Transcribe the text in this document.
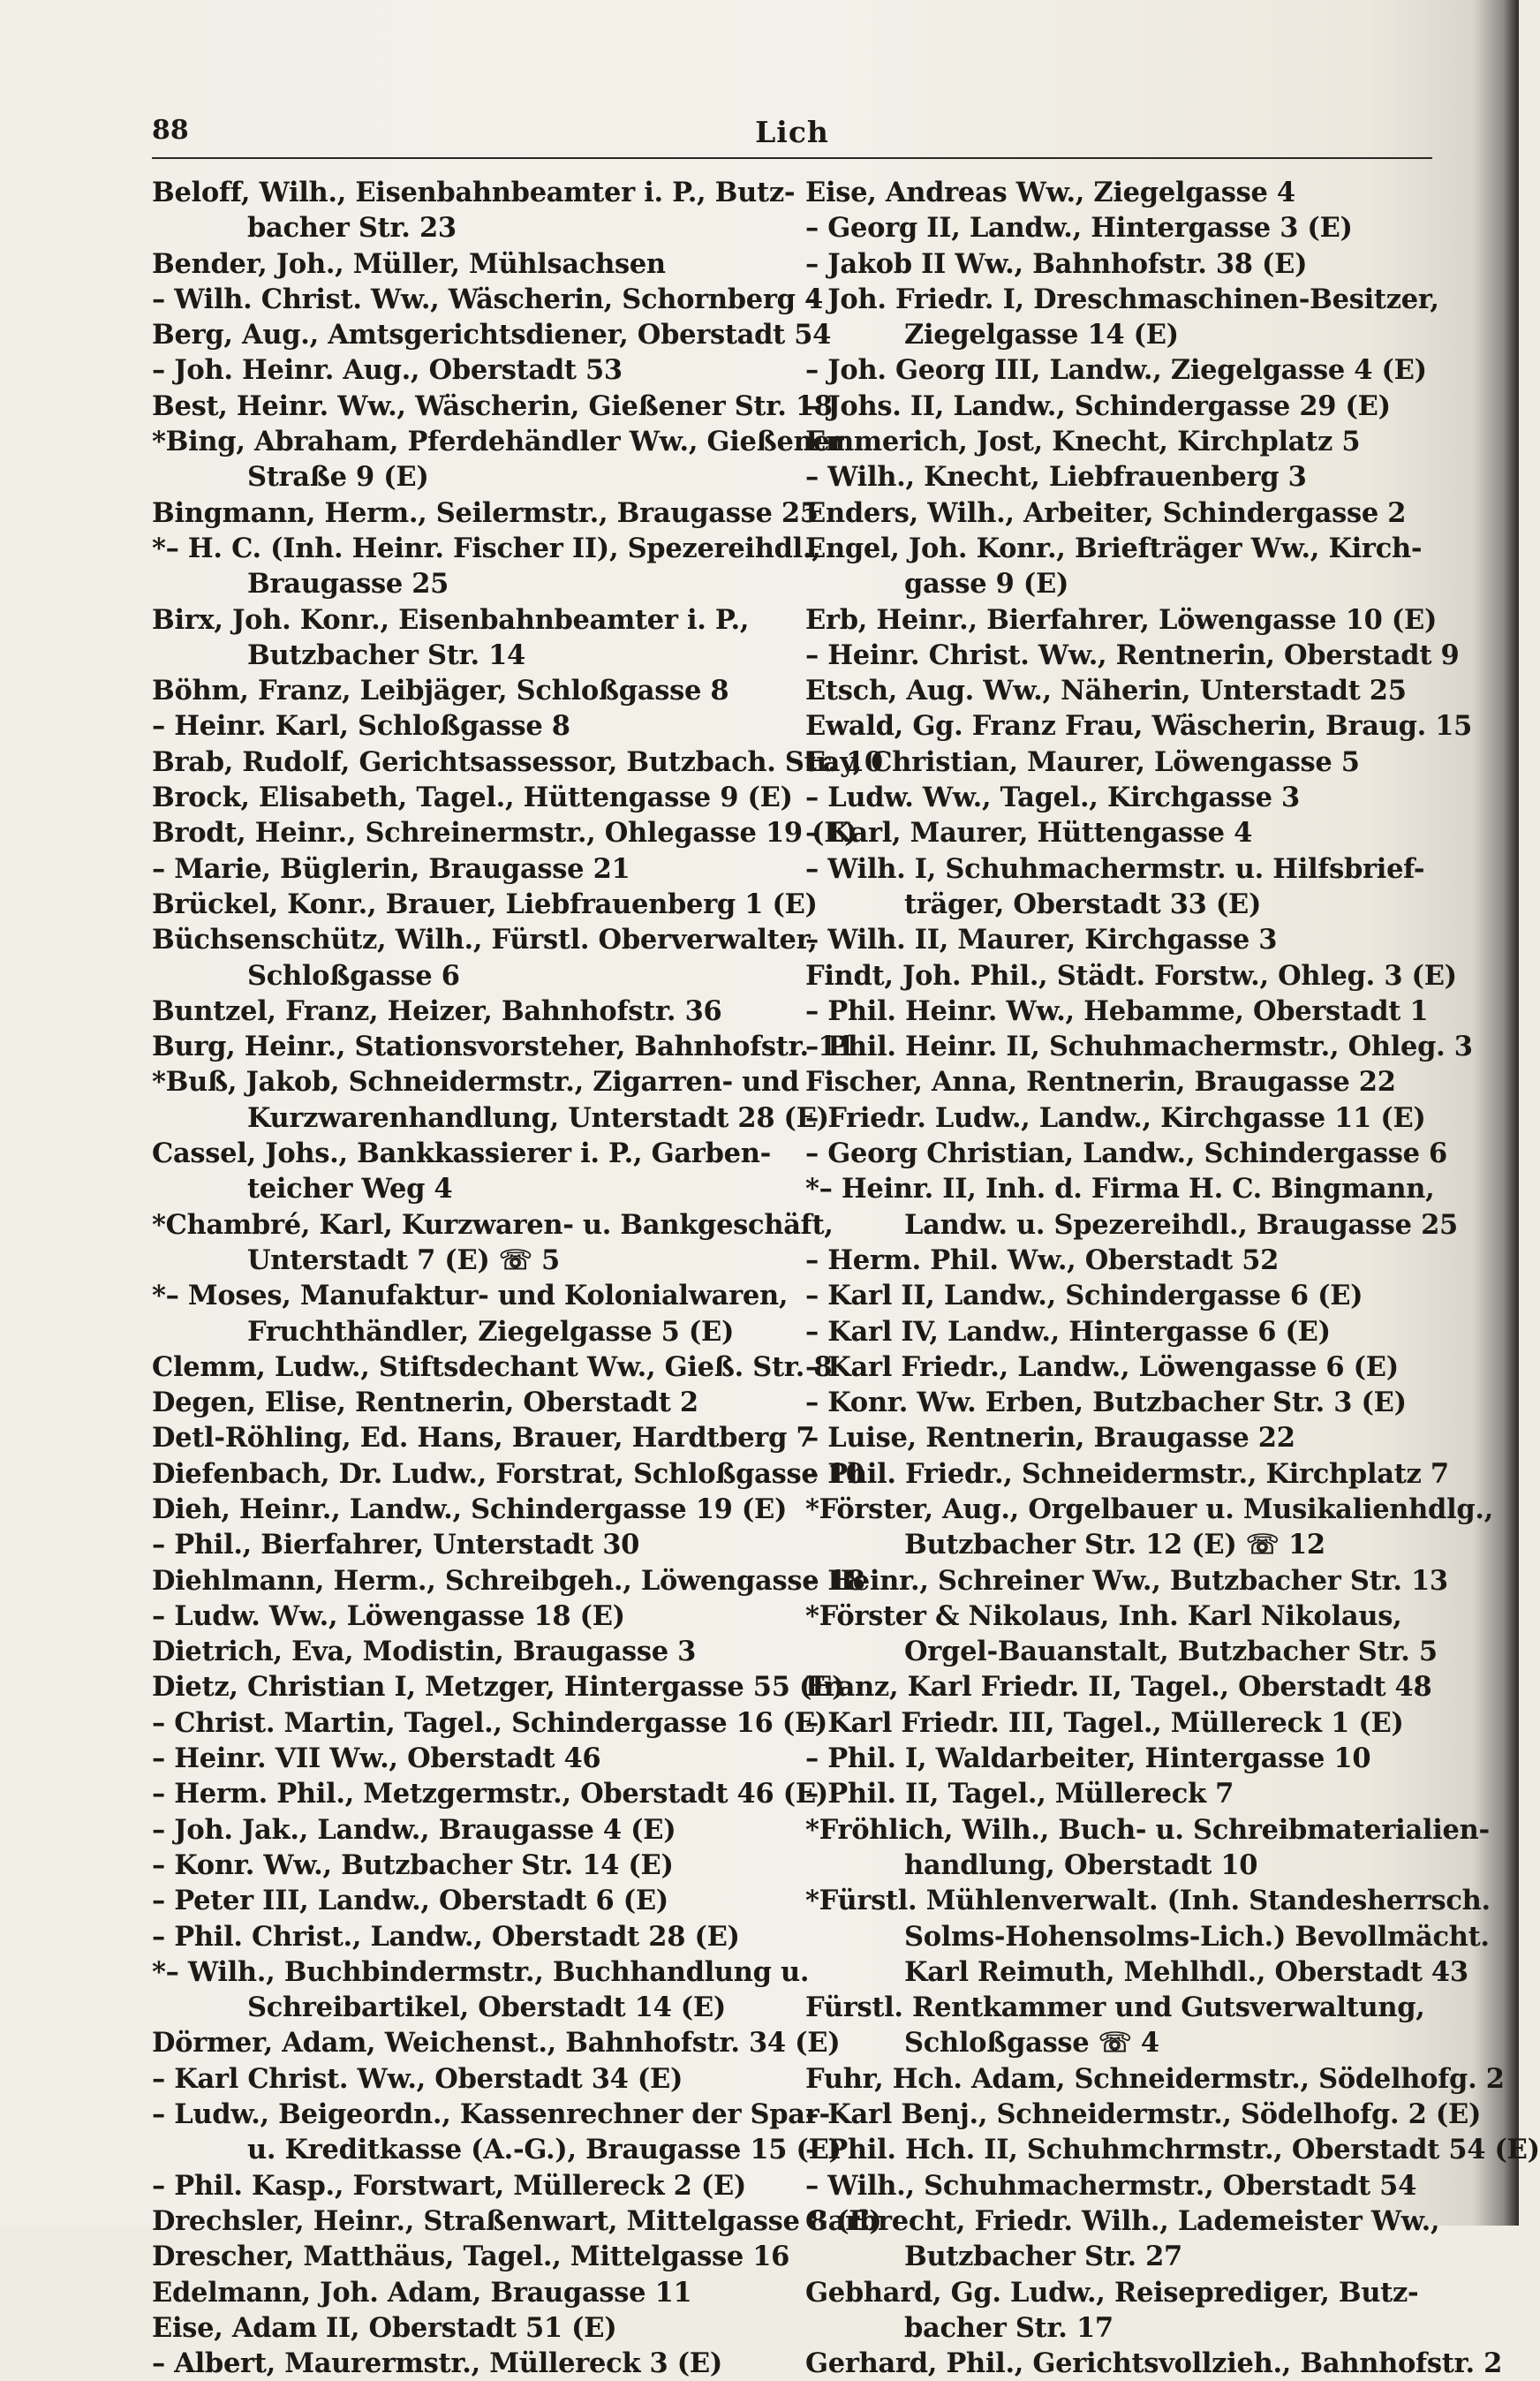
88	Lich
Beloff, Wilh., Eisenbahnbeamter i. P., Butz-
bacher Str. 23
Bender, Joh., Müller, Mühlsachsen
– Wilh. Christ. Ww., Wäscherin, Schornberg 4
Berg, Aug., Amtsgerichtsdiener, Oberstadt 54
– Joh. Heinr. Aug., Oberstadt 53
Best, Heinr. Ww., Wäscherin, Gießener Str. 18
*Bing, Abraham, Pferdehändler Ww., Gießener
Straße 9 (E)
Bingmann, Herm., Seilermstr., Braugasse 25
*– H. C. (Inh. Heinr. Fischer II), Spezereihdl.,
Braugasse 25
Birx, Joh. Konr., Eisenbahnbeamter i. P.,
Butzbacher Str. 14
Böhm, Franz, Leibjäger, Schloßgasse 8
– Heinr. Karl, Schloßgasse 8
Brab, Rudolf, Gerichtsassessor, Butzbach. Str. 10
Brock, Elisabeth, Tagel., Hüttengasse 9 (E)
Brodt, Heinr., Schreinermstr., Ohlegasse 19 (E)
– Marie, Büglerin, Braugasse 21
Brückel, Konr., Brauer, Liebfrauenberg 1 (E)
Büchsenschütz, Wilh., Fürstl. Oberverwalter,
Schloßgasse 6
Buntzel, Franz, Heizer, Bahnhofstr. 36
Burg, Heinr., Stationsvorsteher, Bahnhofstr. 11
*Buß, Jakob, Schneidermstr., Zigarren- und
Kurzwarenhandlung, Unterstadt 28 (E)
Cassel, Johs., Bankkassierer i. P., Garben-
teicher Weg 4
*Chambré, Karl, Kurzwaren- u. Bankgeschäft,
Unterstadt 7 (E) ☏ 5
*– Moses, Manufaktur- und Kolonialwaren,
Fruchthändler, Ziegelgasse 5 (E)
Clemm, Ludw., Stiftsdechant Ww., Gieß. Str. 8
Degen, Elise, Rentnerin, Oberstadt 2
Detl-Röhling, Ed. Hans, Brauer, Hardtberg 7
Diefenbach, Dr. Ludw., Forstrat, Schloßgasse 10
Dieh, Heinr., Landw., Schindergasse 19 (E)
– Phil., Bierfahrer, Unterstadt 30
Diehlmann, Herm., Schreibgeh., Löwengasse 18
– Ludw. Ww., Löwengasse 18 (E)
Dietrich, Eva, Modistin, Braugasse 3
Dietz, Christian I, Metzger, Hintergasse 55 (E)
– Christ. Martin, Tagel., Schindergasse 16 (E)
– Heinr. VII Ww., Oberstadt 46
– Herm. Phil., Metzgermstr., Oberstadt 46 (E)
– Joh. Jak., Landw., Braugasse 4 (E)
– Konr. Ww., Butzbacher Str. 14 (E)
– Peter III, Landw., Oberstadt 6 (E)
– Phil. Christ., Landw., Oberstadt 28 (E)
*– Wilh., Buchbindermstr., Buchhandlung u.
Schreibartikel, Oberstadt 14 (E)
Dörmer, Adam, Weichenst., Bahnhofstr. 34 (E)
– Karl Christ. Ww., Oberstadt 34 (E)
– Ludw., Beigeordn., Kassenrechner der Spar-
u. Kreditkasse (A.-G.), Braugasse 15 (E)
– Phil. Kasp., Forstwart, Müllereck 2 (E)
Drechsler, Heinr., Straßenwart, Mittelgasse 8 (E)
Drescher, Matthäus, Tagel., Mittelgasse 16
Edelmann, Joh. Adam, Braugasse 11
Eise, Adam II, Oberstadt 51 (E)
– Albert, Maurermstr., Müllereck 3 (E)
Eise, Andreas Ww., Ziegelgasse 4
– Georg II, Landw., Hintergasse 3 (E)
– Jakob II Ww., Bahnhofstr. 38 (E)
– Joh. Friedr. I, Dreschmaschinen-Besitzer,
Ziegelgasse 14 (E)
– Joh. Georg III, Landw., Ziegelgasse 4 (E)
– Johs. II, Landw., Schindergasse 29 (E)
Emmerich, Jost, Knecht, Kirchplatz 5
– Wilh., Knecht, Liebfrauenberg 3
Enders, Wilh., Arbeiter, Schindergasse 2
Engel, Joh. Konr., Briefträger Ww., Kirch-
gasse 9 (E)
Erb, Heinr., Bierfahrer, Löwengasse 10 (E)
– Heinr. Christ. Ww., Rentnerin, Oberstadt 9
Etsch, Aug. Ww., Näherin, Unterstadt 25
Ewald, Gg. Franz Frau, Wäscherin, Braug. 15
Fay, Christian, Maurer, Löwengasse 5
– Ludw. Ww., Tagel., Kirchgasse 3
– Karl, Maurer, Hüttengasse 4
– Wilh. I, Schuhmachermstr. u. Hilfsbrief-
träger, Oberstadt 33 (E)
– Wilh. II, Maurer, Kirchgasse 3
Findt, Joh. Phil., Städt. Forstw., Ohleg. 3 (E)
– Phil. Heinr. Ww., Hebamme, Oberstadt 1
– Phil. Heinr. II, Schuhmachermstr., Ohleg. 3
Fischer, Anna, Rentnerin, Braugasse 22
– Friedr. Ludw., Landw., Kirchgasse 11 (E)
– Georg Christian, Landw., Schindergasse 6
*– Heinr. II, Inh. d. Firma H. C. Bingmann,
Landw. u. Spezereihdl., Braugasse 25
– Herm. Phil. Ww., Oberstadt 52
– Karl II, Landw., Schindergasse 6 (E)
– Karl IV, Landw., Hintergasse 6 (E)
– Karl Friedr., Landw., Löwengasse 6 (E)
– Konr. Ww. Erben, Butzbacher Str. 3 (E)
– Luise, Rentnerin, Braugasse 22
– Phil. Friedr., Schneidermstr., Kirchplatz 7
*Förster, Aug., Orgelbauer u. Musikalienhdlg.,
Butzbacher Str. 12 (E) ☏ 12
– Heinr., Schreiner Ww., Butzbacher Str. 13
*Förster & Nikolaus, Inh. Karl Nikolaus,
Orgel-Bauanstalt, Butzbacher Str. 5
Franz, Karl Friedr. II, Tagel., Oberstadt 48
– Karl Friedr. III, Tagel., Müllereck 1 (E)
– Phil. I, Waldarbeiter, Hintergasse 10
– Phil. II, Tagel., Müllereck 7
*Fröhlich, Wilh., Buch- u. Schreibmaterialien-
handlung, Oberstadt 10
*Fürstl. Mühlenverwalt. (Inh. Standesherrsch.
Solms-Hohensolms-Lich.) Bevollmächt.
Karl Reimuth, Mehlhdl., Oberstadt 43
Fürstl. Rentkammer und Gutsverwaltung,
Schloßgasse ☏ 4
Fuhr, Hch. Adam, Schneidermstr., Södelhofg. 2
– Karl Benj., Schneidermstr., Södelhofg. 2 (E)
– Phil. Hch. II, Schuhmchrmstr., Oberstadt 54 (E)
– Wilh., Schuhmachermstr., Oberstadt 54
Garbrecht, Friedr. Wilh., Lademeister Ww.,
Butzbacher Str. 27
Gebhard, Gg. Ludw., Reiseprediger, Butz-
bacher Str. 17
Gerhard, Phil., Gerichtsvollzieh., Bahnhofstr. 2
